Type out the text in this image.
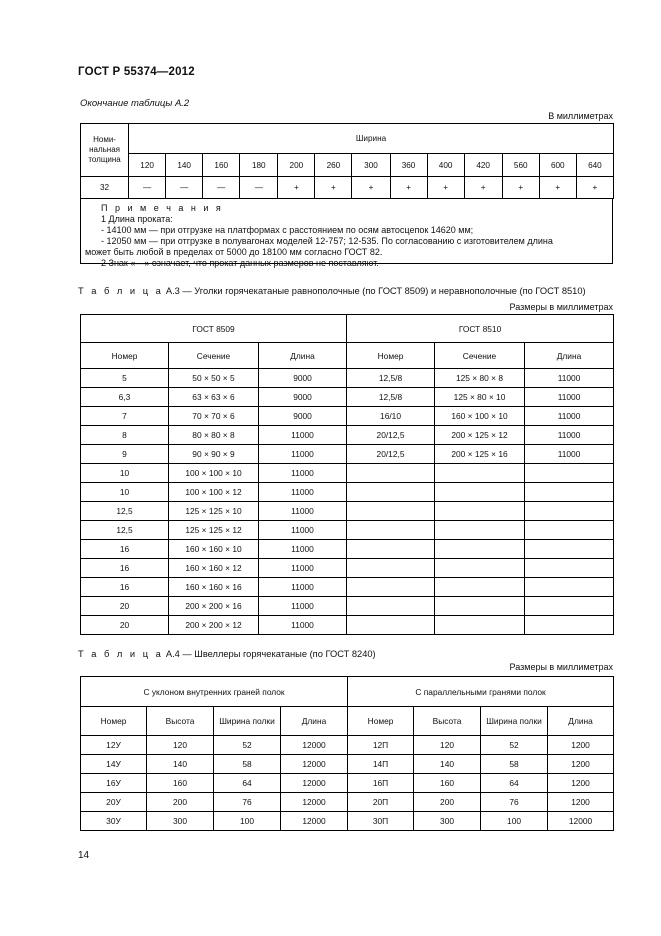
ГОСТ Р 55374—2012
Окончание таблицы А.2
В миллиметрах
Номи-
нальная
толщина	Ширина												
	120	140	160	180	200	260	300	360	400	420	560	600	640
32	—	—	—	—	+	+	+	+	+	+	+	+	+
П р и м е ч а н и я
1 Длина проката:
- 14100 мм — при отгрузке на платформах с расстоянием по осям автосцепок 14620 мм;
- 12050 мм — при отгрузке в полувагонах моделей 12-757; 12-535. По согласованию с изготовителем длина
может быть любой в пределах от 5000 до 18100 мм согласно ГОСТ 82.
2 Знак «—» означает, что прокат данных размеров не поставляют.
Т а б л и ц а А.3 — Уголки горячекатаные равнополочные (по ГОСТ 8509) и неравнополочные (по ГОСТ 8510)
Размеры в миллиметрах
ГОСТ 8509			ГОСТ 8510		
Номер	Сечение	Длина	Номер	Сечение	Длина
5	50 × 50 × 5	9000	12,5/8	125 × 80 × 8	11000
6,3	63 × 63 × 6	9000	12,5/8	125 × 80 × 10	11000
7	70 × 70 × 6	9000	16/10	160 × 100 × 10	11000
8	80 × 80 × 8	11000	20/12,5	200 × 125 × 12	11000
9	90 × 90 × 9	11000	20/12,5	200 × 125 × 16	11000
10	100 × 100 × 10	11000			
10	100 × 100 × 12	11000			
12,5	125 × 125 × 10	11000			
12,5	125 × 125 × 12	11000			
16	160 × 160 × 10	11000			
16	160 × 160 × 12	11000			
16	160 × 160 × 16	11000			
20	200 × 200 × 16	11000			
20	200 × 200 × 12	11000			
Т а б л и ц а А.4 — Швеллеры горячекатаные (по ГОСТ 8240)
Размеры в миллиметрах
С уклоном внутренних граней полок				С параллельными гранями полок			
Номер	Высота	Ширина полки	Длина	Номер	Высота	Ширина полки	Длина
12У	120	52	12000	12П	120	52	1200
14У	140	58	12000	14П	140	58	1200
16У	160	64	12000	16П	160	64	1200
20У	200	76	12000	20П	200	76	1200
30У	300	100	12000	30П	300	100	12000
14
